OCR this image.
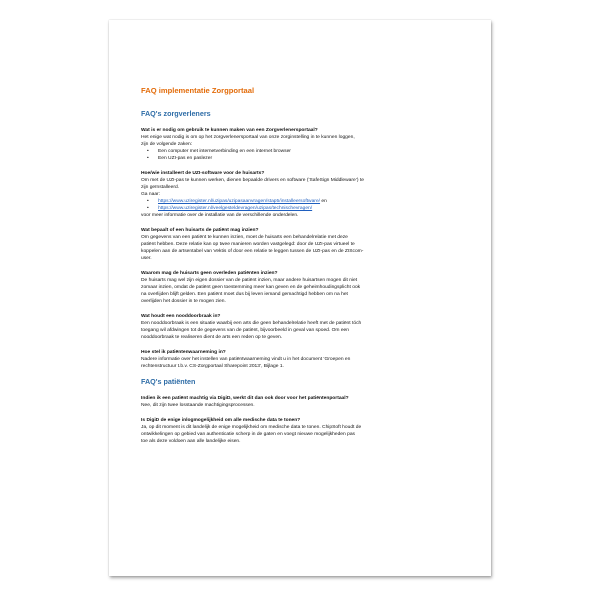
FAQ implementatie Zorgportaal
FAQ's zorgverleners

Wat is er nodig om gebruik te kunnen maken van een Zorgverlenersportaal?

Het enige wat nodig is om op het zorgverlenersportaal van onze zorginstelling in te kunnen loggen,

zijn de volgende zaken:

•	Een computer met internetverbinding en een internet browser
•	Een UZI-pas en paslezer

Hoe/wie installeert de UZI-software voor de huisarts?

Om met de UZI-pas te kunnen werken, dienen bepaalde drivers en software (‘SafeSign Middleware’) te

zijn geïnstalleerd.

Ga naar:

•	https://www.uziregister.nl/uzipas/uzipasaanvragen/stap5/installeersoftware/ en
•	https://www.uziregister.nl/veelgesteldevragen/uzipas/technischevragen/

voor meer informatie over de installatie van de verschillende onderdelen.

Wat bepaalt of een huisarts de patiënt mag inzien?

Om gegevens van een patiënt te kunnen inzien, moet de huisarts een behandelrelatie met deze

patiënt hebben. Deze relatie kan op twee manieren worden vastgelegd: door de UZI-pas virtueel te

koppelen aan de artsentabel van Vektis of door een relatie te leggen tussen de UZI-pas en de ZIScom-

user.

Waarom mag de huisarts geen overleden patiënten inzien?

De huisarts mag wel zijn eigen dossier van de patiënt inzien, maar andere huisartsen mogen dit niet

zomaar inzien, omdat de patiënt geen toestemming meer kan geven en de geheimhoudingsplicht ook

na overlijden blijft gelden. Een patiënt moet dus bij leven iemand gemachtigd hebben om na het

overlijden het dossier in te mogen zien.

Wat houdt een nooddoorbraak in?

Een nooddoorbraak is een situatie waarbij een arts die geen behandelrelatie heeft met de patiënt tóch

toegang wil afdwingen tot de gegevens van de patiënt, bijvoorbeeld in geval van spoed. Om een

nooddoorbraak te realiseren dient de arts een reden op te geven.

Hoe stel ik patiëntenwaarneming in?

Nadere informatie over het instellen van patiëntwaarneming vindt u in het document ‘Groepen en

rechtenstructuur t.b.v. CS-Zorgportaal Sharepoint 2013’, Bijlage 1.

FAQ's patiënten

Indien ik een patiënt machtig via DigiD, werkt dit dan ook door voor het patiëntenportaal?

Nee, dit zijn twee losstaande machtigingsprocessen.

Is DigiD de enige inlogmogelijkheid om alle medische data te tonen?

Ja, op dit moment is dit landelijk de enige mogelijkheid om medische data te tonen. ChipSoft houdt de

ontwikkelingen op gebied van authenticatie scherp in de gaten en voegt nieuwe mogelijkheden pas

toe als deze voldoen aan alle landelijke eisen.
